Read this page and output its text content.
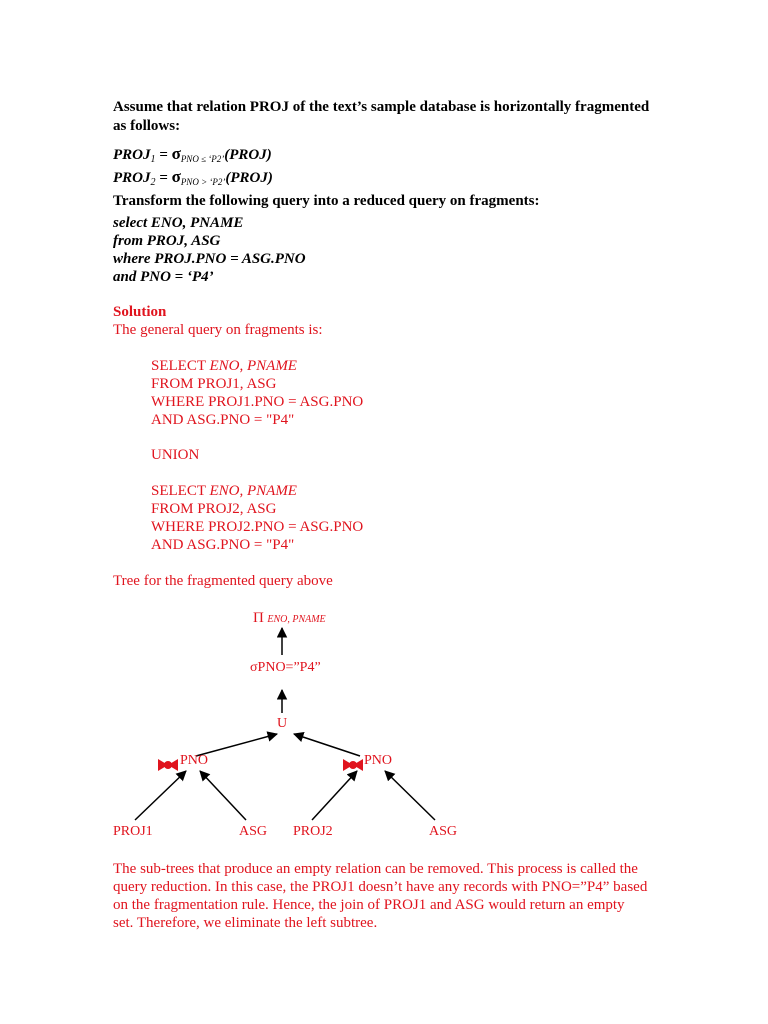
Assume that relation PROJ of the text’s sample database is horizontally fragmented
as follows:
$PROJ_1$ = $\sigma_{PNO \le ‘P2’}(PROJ)$
$PROJ_2$ = $\sigma_{PNO > ‘P2’}(PROJ)$
Transform the following query into a reduced query on fragments:
select ENO, PNAME
from PROJ, ASG
where PROJ.PNO = ASG.PNO
and PNO = ‘P4’
Solution
The general query on fragments is:
SELECT ENO, PNAME
FROM PROJ1, ASG
WHERE PROJ1.PNO = ASG.PNO
AND ASG.PNO = "P4"
UNION
SELECT ENO, PNAME
FROM PROJ2, ASG
WHERE PROJ2.PNO = ASG.PNO
AND ASG.PNO = "P4"
Tree for the fragmented query above
Π ENO, PNAME
σPNO=”P4”
U
PNO	PNO
PROJ1	ASG PROJ2	ASG
The sub-trees that produce an empty relation can be removed. This process is called the
query reduction. In this case, the PROJ1 doesn’t have any records with PNO=”P4” based
on the fragmentation rule. Hence, the join of PROJ1 and ASG would return an empty
set. Therefore, we eliminate the left subtree.
